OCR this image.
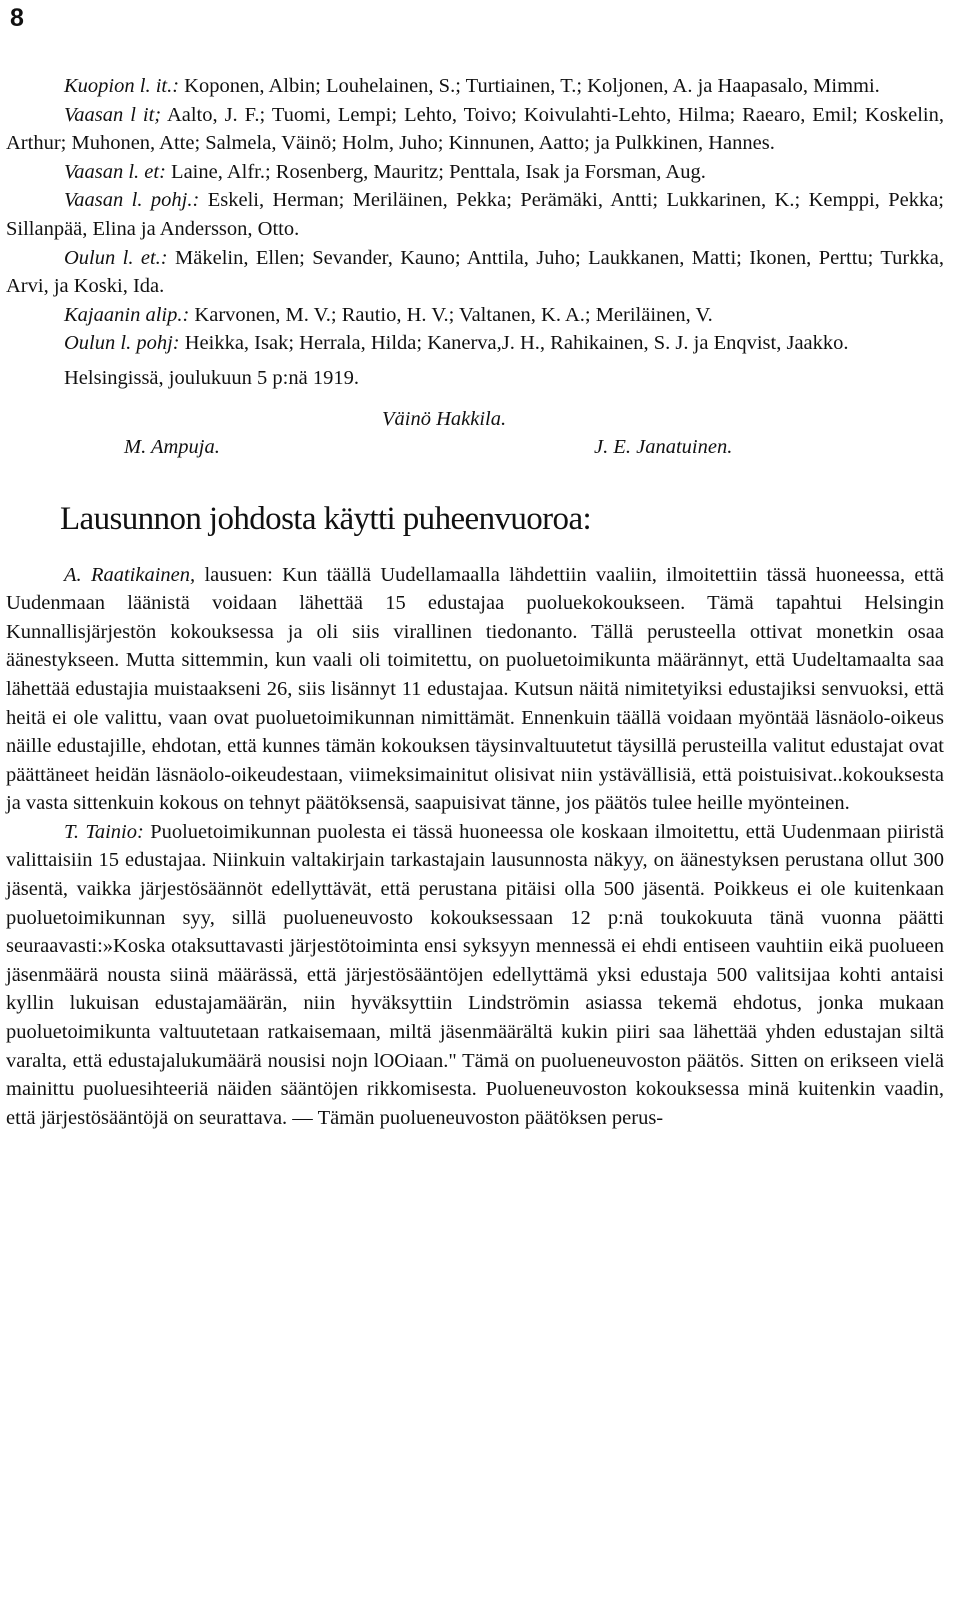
8

Kuopion l. it.: Koponen, Albin; Louhelainen, S.; Turtiainen, T.; Koljonen, A. ja Haapasalo, Mimmi.

Vaasan l it; Aalto, J. F.; Tuomi, Lempi; Lehto, Toivo; Koivulahti-Lehto, Hilma; Raearo, Emil; Koskelin, Arthur; Muhonen, Atte; Salmela, Väinö; Holm, Juho; Kinnunen, Aatto; ja Pulkkinen, Hannes.

Vaasan l. et: Laine, Alfr.; Rosenberg, Mauritz; Penttala, Isak ja Forsman, Aug.

Vaasan l. pohj.: Eskeli, Herman; Meriläinen, Pekka; Perämäki, Antti; Lukkarinen, K.; Kemppi, Pekka; Sillanpää, Elina ja Andersson, Otto.

Oulun l. et.: Mäkelin, Ellen; Sevander, Kauno; Anttila, Juho; Laukkanen, Matti; Ikonen, Perttu; Turkka, Arvi, ja Koski, Ida.

Kajaanin alip.: Karvonen, M. V.; Rautio, H. V.; Valtanen, K. A.; Meriläinen, V.

Oulun l. pohj: Heikka, Isak; Herrala, Hilda; Kanerva,J. H., Rahikainen, S. J. ja Enqvist, Jaakko.

Helsingissä, joulukuun 5 p:nä 1919.

Väinö Hakkila.
M. Ampuja.	J. E. Janatuinen.
Lausunnon johdosta käytti puheenvuoroa:

A. Raatikainen, lausuen: Kun täällä Uudellamaalla lähdettiin vaaliin, ilmoitettiin tässä huoneessa, että Uudenmaan läänistä voidaan lähettää 15 edustajaa puoluekokoukseen. Tämä tapahtui Helsingin Kunnallisjärjestön kokouksessa ja oli siis virallinen tiedonanto. Tällä perusteella ottivat monetkin osaa äänestykseen. Mutta sittemmin, kun vaali oli toimitettu, on puoluetoimikunta määrännyt, että Uudeltamaalta saa lähettää edustajia muistaakseni 26, siis lisännyt 11 edustajaa. Kutsun näitä nimitetyiksi edustajiksi senvuoksi, että heitä ei ole valittu, vaan ovat puoluetoimikunnan nimittämät. Ennenkuin täällä voidaan myöntää läsnäolo-oikeus näille edustajille, ehdotan, että kunnes tämän kokouksen täysinvaltuutetut täysillä perusteilla valitut edustajat ovat päättäneet heidän läsnäolo-oikeudestaan, viimeksimainitut olisivat niin ystävällisiä, että poistuisivat..kokouksesta ja vasta sittenkuin kokous on tehnyt päätöksensä, saapuisivat tänne, jos päätös tulee heille myönteinen.

T. Tainio: Puoluetoimikunnan puolesta ei tässä huoneessa ole koskaan ilmoitettu, että Uudenmaan piiristä valittaisiin 15 edustajaa. Niinkuin valtakirjain tarkastajain lausunnosta näkyy, on äänestyksen perustana ollut 300 jäsentä, vaikka järjestösäännöt edellyttävät, että perustana pitäisi olla 500 jäsentä. Poikkeus ei ole kuitenkaan puoluetoimikunnan syy, sillä puolueneuvosto kokouksessaan 12 p:nä toukokuuta tänä vuonna päätti seuraavasti:»Koska otaksuttavasti järjestötoiminta ensi syksyyn mennessä ei ehdi entiseen vauhtiin eikä puolueen jäsenmäärä nousta siinä määrässä, että järjestösääntöjen edellyttämä yksi edustaja 500 valitsijaa kohti antaisi kyllin lukuisan edustajamäärän, niin hyväksyttiin Lindströmin asiassa tekemä ehdotus, jonka mukaan puoluetoimikunta valtuutetaan ratkaisemaan, miltä jäsenmäärältä kukin piiri saa lähettää yhden edustajan siltä varalta, että edustajalukumäärä nousisi nojn lOOiaan." Tämä on puolueneuvoston päätös. Sitten on erikseen vielä mainittu puoluesihteeriä näiden sääntöjen rikkomisesta. Puolueneuvoston kokouksessa minä kuitenkin vaadin, että järjestösääntöjä on seurattava. — Tämän puolueneuvoston päätöksen perus-
